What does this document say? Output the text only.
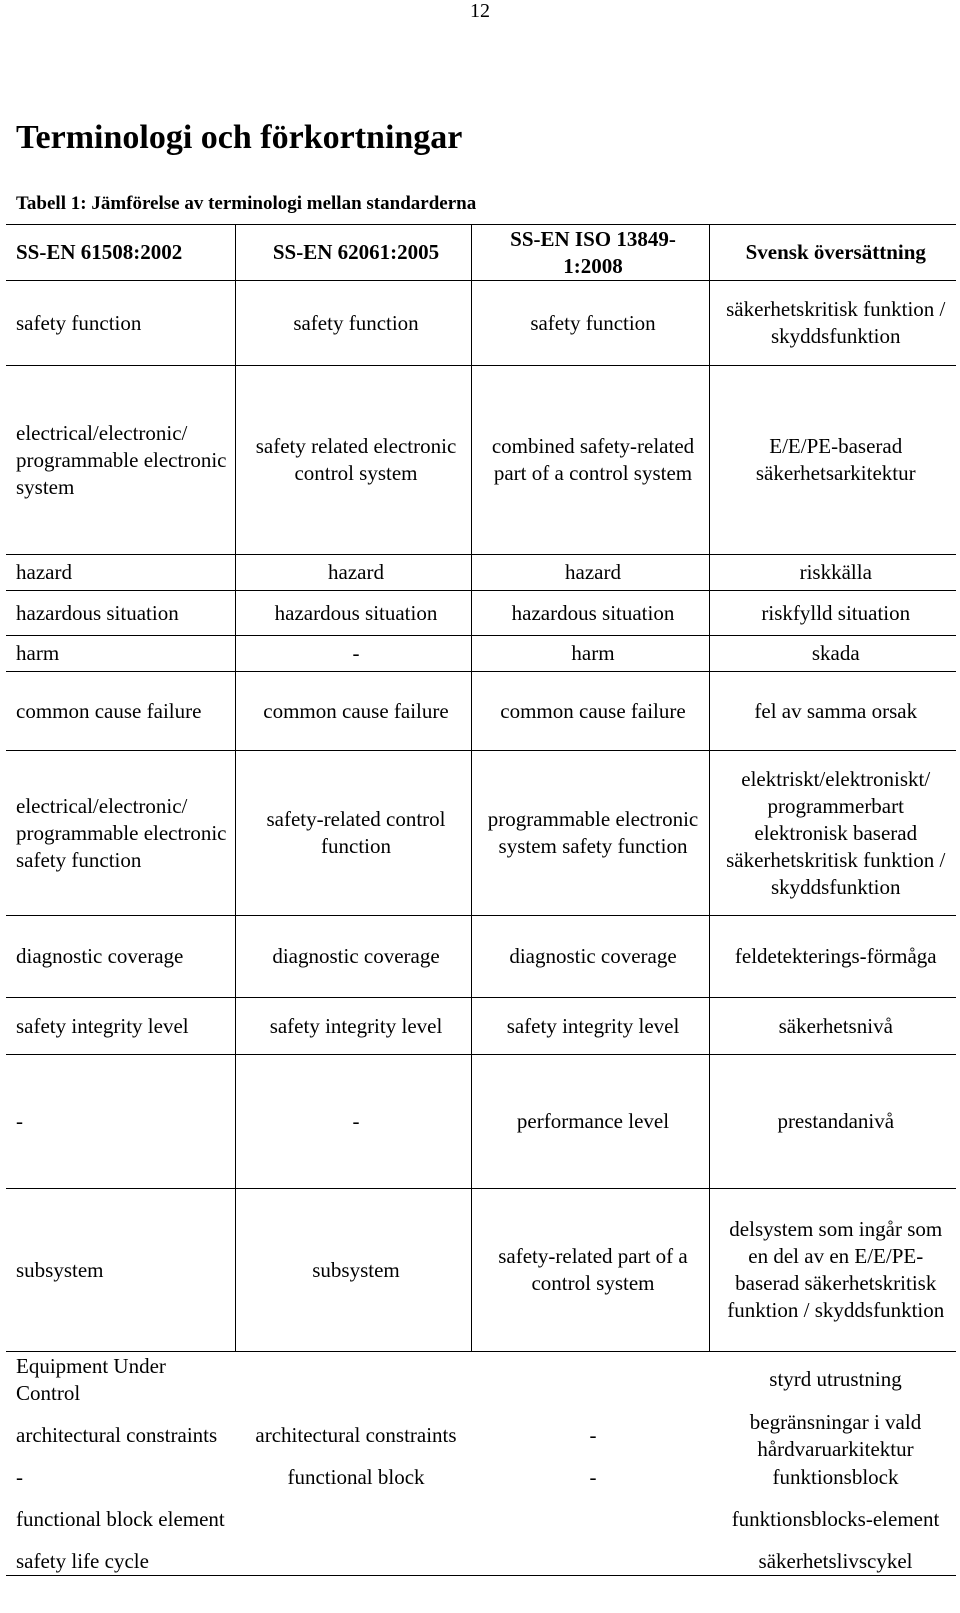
12
Terminologi och förkortningar
Tabell 1: Jämförelse av terminologi mellan standarderna
SS-EN 61508:2002	SS-EN 62061:2005	SS-EN ISO 13849-1:2008	Svensk översättning
safety function	safety function	safety function	säkerhetskritisk funktion / skyddsfunktion
electrical/electronic/ programmable electronic system	safety related electronic control system	combined safety-related part of a control system	E/E/PE-baserad säkerhetsarkitektur
hazard	hazard	hazard	riskkälla
hazardous situation	hazardous situation	hazardous situation	riskfylld situation
harm	-	harm	skada
common cause failure	common cause failure	common cause failure	fel av samma orsak
electrical/electronic/ programmable electronic safety function	safety-related control function	programmable electronic system safety function	elektriskt/elektroniskt/ programmerbart elektronisk baserad säkerhetskritisk funktion / skyddsfunktion
diagnostic coverage	diagnostic coverage	diagnostic coverage	feldetekterings-förmåga
safety integrity level	safety integrity level	safety integrity level	säkerhetsnivå
-	-	performance level	prestandanivå
subsystem	subsystem	safety-related part of a control system	delsystem som ingår som en del av en E/E/PE-baserad säkerhetskritisk funktion / skyddsfunktion
Equipment Under Control			styrd utrustning
architectural constraints	architectural constraints	-	begränsningar i vald hårdvaruarkitektur
-	functional block	-	funktionsblock
functional block element			funktionsblocks-element
safety life cycle			säkerhetslivscykel
